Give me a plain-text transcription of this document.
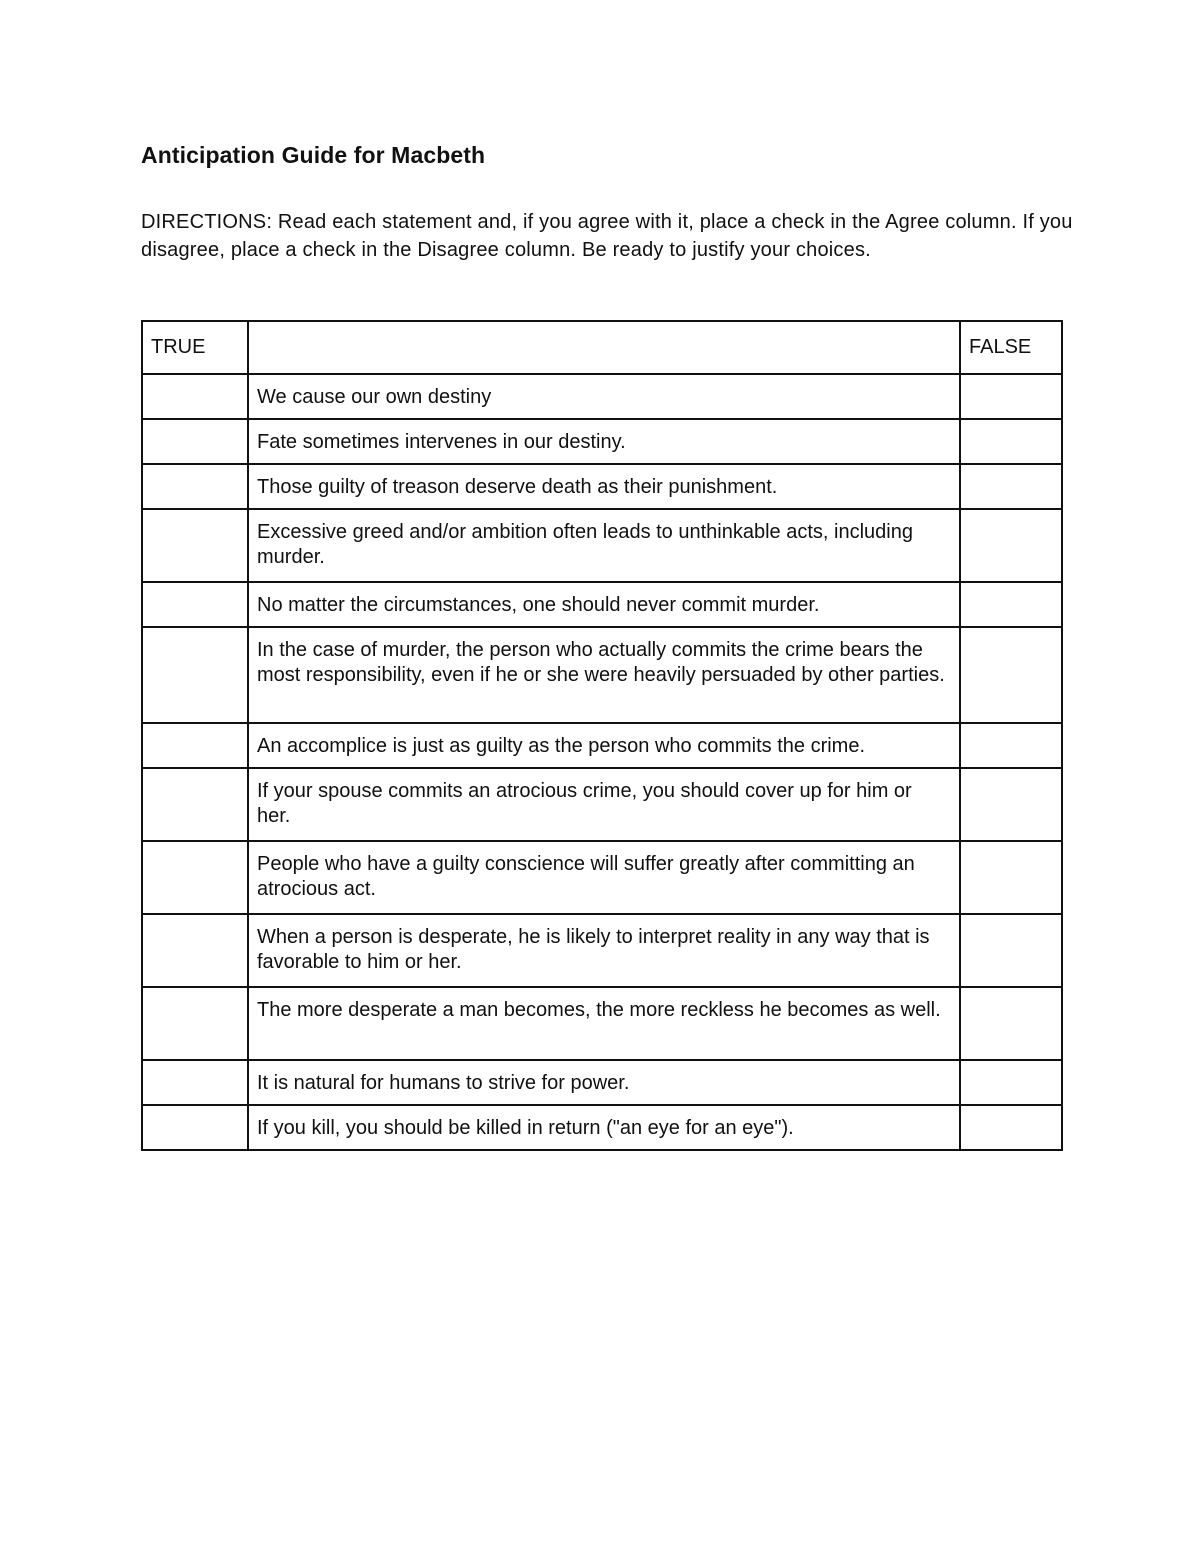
Anticipation Guide for Macbeth

DIRECTIONS: Read each statement and, if you agree with it, place a check in the Agree column. If you disagree, place a check in the Disagree column. Be ready to justify your choices.

TRUE		FALSE
	We cause our own destiny	
	Fate sometimes intervenes in our destiny.	
	Those guilty of treason deserve death as their punishment.	
	Excessive greed and/or ambition often leads to unthinkable acts, including murder.	
	No matter the circumstances, one should never commit murder.	
	In the case of murder, the person who actually commits the crime bears the most responsibility, even if he or she were heavily persuaded by other parties.	
	An accomplice is just as guilty as the person who commits the crime.	
	If your spouse commits an atrocious crime, you should cover up for him or her.	
	People who have a guilty conscience will suffer greatly after committing an atrocious act.	
	When a person is desperate, he is likely to interpret reality in any way that is favorable to him or her.	
	The more desperate a man becomes, the more reckless he becomes as well.	
	It is natural for humans to strive for power.	
	If you kill, you should be killed in return ("an eye for an eye").	
